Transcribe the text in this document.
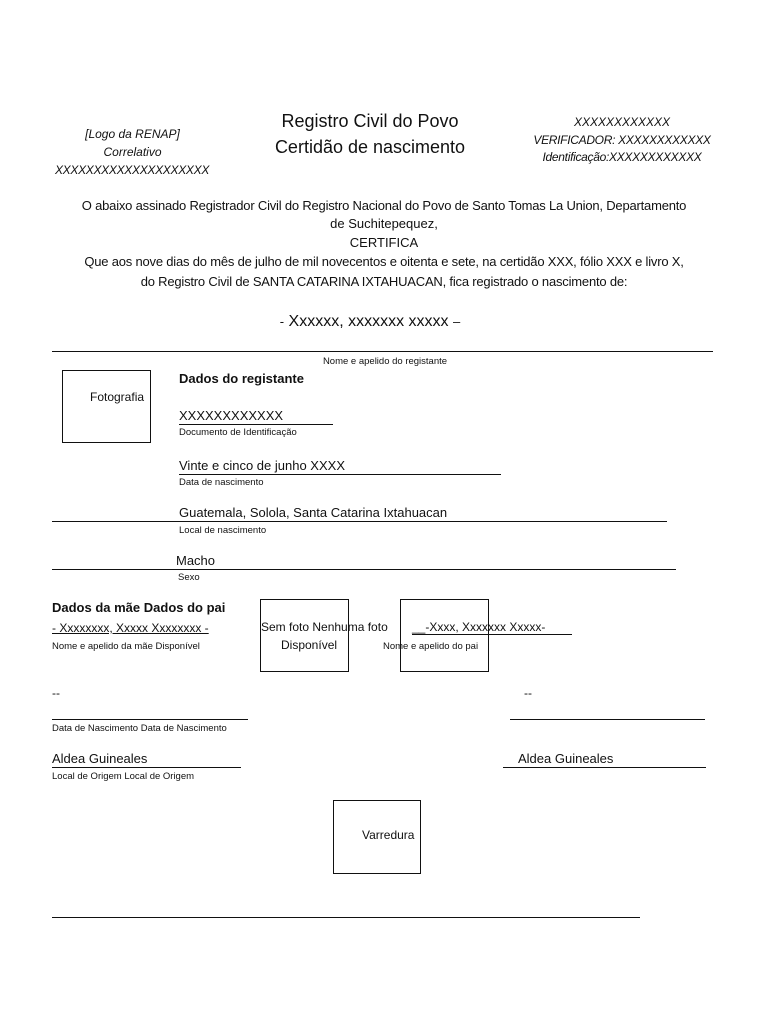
[Logo da RENAP]
Correlativo
XXXXXXXXXXXXXXXXXXXX
Registro Civil do Povo
Certidão de nascimento
XXXXXXXXXXXX
VERIFICADOR: XXXXXXXXXXXX
Identificação:XXXXXXXXXXXX
O abaixo assinado Registrador Civil do Registro Nacional do Povo de Santo Tomas La Union, Departamento
de Suchitepequez,
CERTIFICA
Que aos nove dias do mês de julho de mil novecentos e oitenta e sete, na certidão XXX, fólio XXX e livro X,
do Registro Civil de SANTA CATARINA IXTAHUACAN, fica registrado o nascimento de:
- Xxxxxx, xxxxxxx xxxxx –
Nome e apelido do registante
Fotografia
Dados do registante
XXXXXXXXXXXX
Documento de Identificação
Vinte e cinco de junho XXXX
Data de nascimento
Guatemala, Solola, Santa Catarina Ixtahuacan
Local de nascimento
Macho
Sexo
Dados da mãe Dados do pai
- Xxxxxxxx, Xxxxx Xxxxxxxx -
Nome e apelido da mãe Disponível
Sem foto Nenhuma foto
Disponível
__-Xxxx, Xxxxxxx Xxxxx-
Nome e apelido do pai
--	--
Data de Nascimento Data de Nascimento
Aldea Guineales	Aldea Guineales
Local de Origem Local de Origem
Varredura
